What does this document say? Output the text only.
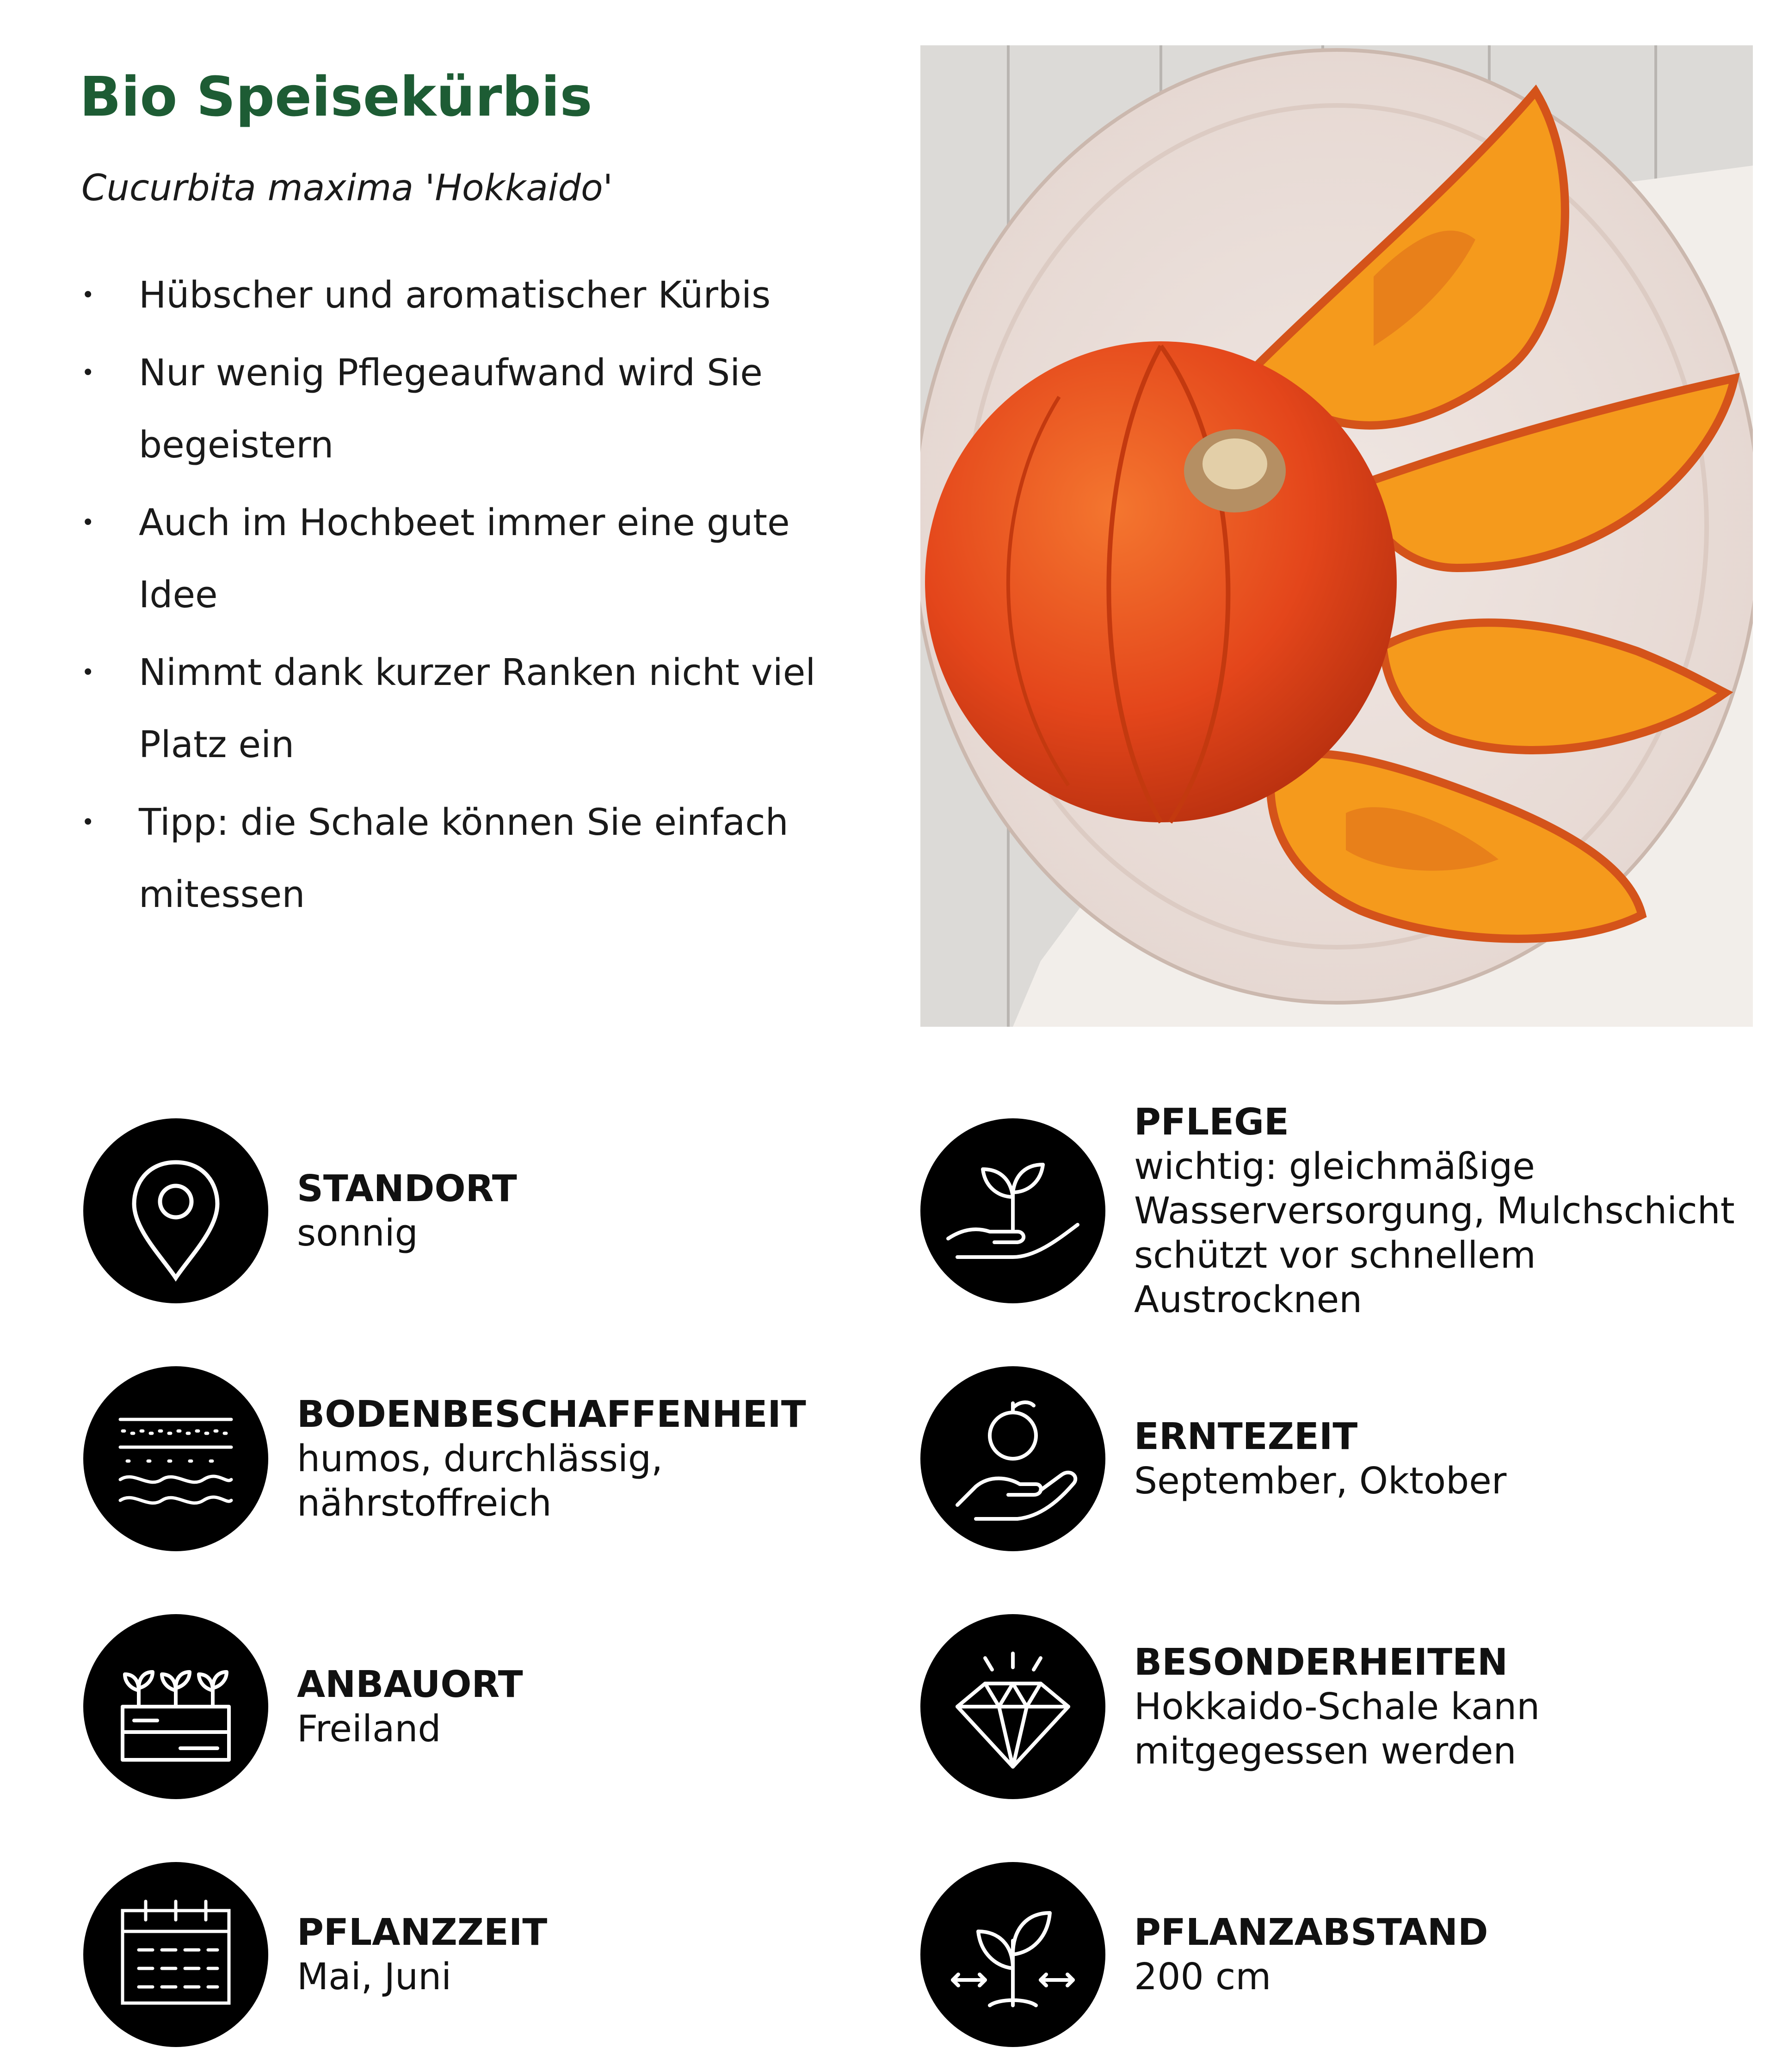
Bio Speisekürbis

Cucurbita maxima 'Hokkaido'

• Hübscher und aromatischer Kürbis
• Nur wenig Pflegeaufwand wird Sie begeistern
• Auch im Hochbeet immer eine gute Idee
• Nimmt dank kurzer Ranken nicht viel Platz ein
• Tipp: die Schale können Sie einfach mitessen
STANDORT
sonnig
PFLEGE
wichtig: gleichmäßige Wasserversorgung, Mulchschicht schützt vor schnellem Austrocknen
BODENBESCHAFFENHEIT
humos, durchlässig, nährstoffreich
ERNTEZEIT
September, Oktober
ANBAUORT
Freiland
BESONDERHEITEN
Hokkaido-Schale kann mitgegessen werden
PFLANZZEIT
Mai, Juni
PFLANZABSTAND
200 cm
